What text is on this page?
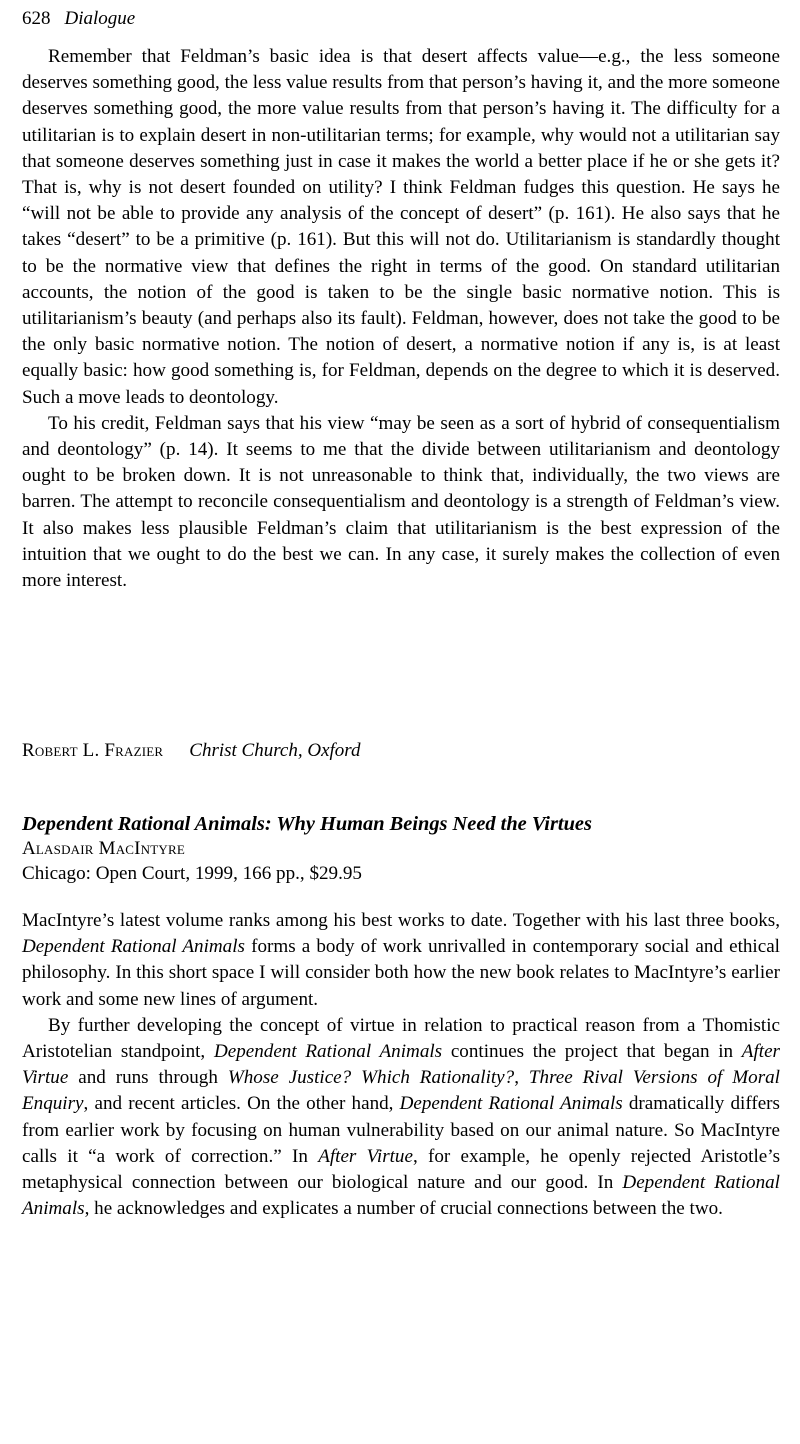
628 Dialogue

Remember that Feldman’s basic idea is that desert affects value—e.g., the less someone deserves something good, the less value results from that person’s having it, and the more someone deserves something good, the more value results from that person’s having it. The difficulty for a utilitarian is to explain desert in non-utilitarian terms; for example, why would not a utilitarian say that someone deserves something just in case it makes the world a better place if he or she gets it? That is, why is not desert founded on utility? I think Feldman fudges this question. He says he “will not be able to provide any analysis of the concept of desert” (p. 161). He also says that he takes “desert” to be a primitive (p. 161). But this will not do. Utilitarianism is standardly thought to be the normative view that defines the right in terms of the good. On standard utilitarian accounts, the notion of the good is taken to be the single basic normative notion. This is utilitarianism’s beauty (and perhaps also its fault). Feldman, however, does not take the good to be the only basic normative notion. The notion of desert, a normative notion if any is, is at least equally basic: how good something is, for Feldman, depends on the degree to which it is deserved. Such a move leads to deontology.

To his credit, Feldman says that his view “may be seen as a sort of hybrid of consequentialism and deontology” (p. 14). It seems to me that the divide between utilitarianism and deontology ought to be broken down. It is not unreasonable to think that, individually, the two views are barren. The attempt to reconcile consequentialism and deontology is a strength of Feldman’s view. It also makes less plausible Feldman’s claim that utilitarianism is the best expression of the intuition that we ought to do the best we can. In any case, it surely makes the collection of even more interest.

Robert L. Frazier Christ Church, Oxford

Dependent Rational Animals: Why Human Beings Need the Virtues

Alasdair MacIntyre

Chicago: Open Court, 1999, 166 pp., $29.95

MacIntyre’s latest volume ranks among his best works to date. Together with his last three books, Dependent Rational Animals forms a body of work unrivalled in contemporary social and ethical philosophy. In this short space I will consider both how the new book relates to MacIntyre’s earlier work and some new lines of argument.

By further developing the concept of virtue in relation to practical reason from a Thomistic Aristotelian standpoint, Dependent Rational Animals continues the project that began in After Virtue and runs through Whose Justice? Which Rationality?, Three Rival Versions of Moral Enquiry, and recent articles. On the other hand, Dependent Rational Animals dramatically differs from earlier work by focusing on human vulnerability based on our animal nature. So MacIntyre calls it “a work of correction.” In After Virtue, for example, he openly rejected Aristotle’s metaphysical connection between our biological nature and our good. In Dependent Rational Animals, he acknowledges and explicates a number of crucial connections between the two.
